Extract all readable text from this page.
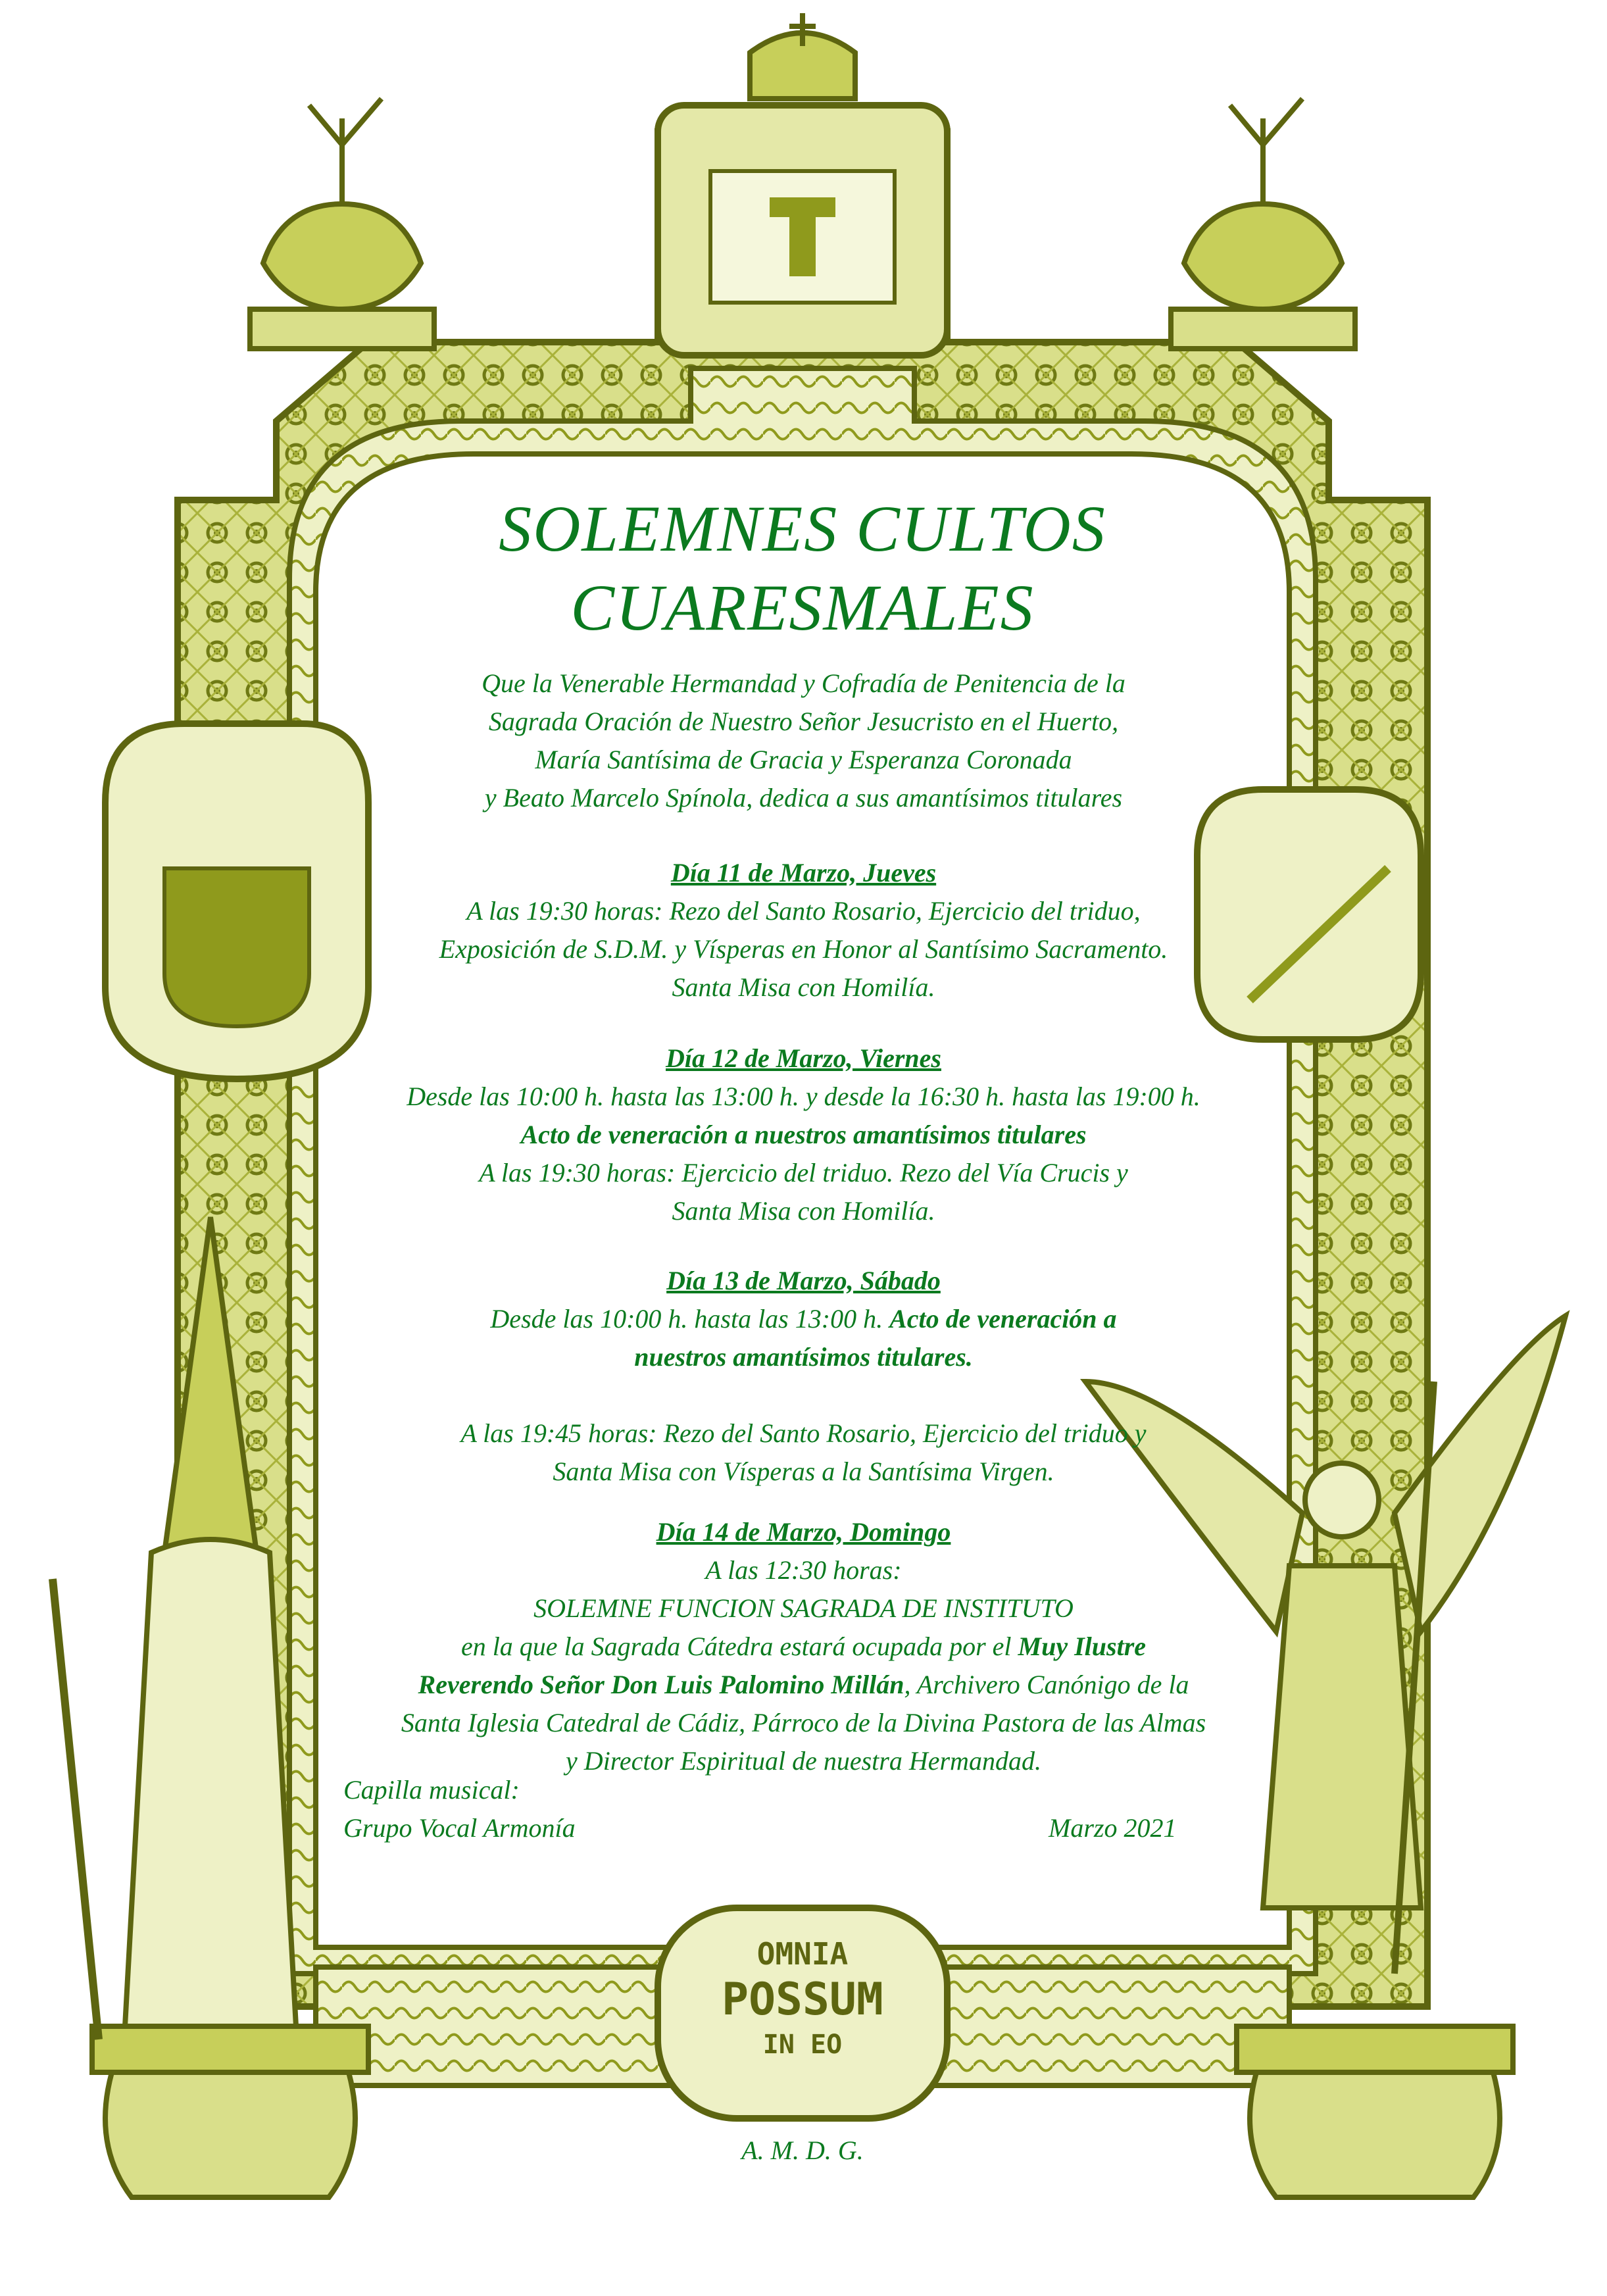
OMNIA
POSSUM
IN EO
SOLEMNES CULTOS
CUARESMALES
Que la Venerable Hermandad y Cofradía de Penitencia de la
Sagrada Oración de Nuestro Señor Jesucristo en el Huerto,
María Santísima de Gracia y Esperanza Coronada
y Beato Marcelo Spínola, dedica a sus amantísimos titulares
Día 11 de Marzo, Jueves
A las 19:30 horas: Rezo del Santo Rosario, Ejercicio del triduo,
Exposición de S.D.M. y Vísperas en Honor al Santísimo Sacramento.
Santa Misa con Homilía.
Día 12 de Marzo, Viernes
Desde las 10:00 h. hasta las 13:00 h. y desde la 16:30 h. hasta las 19:00 h.
Acto de veneración a nuestros amantísimos titulares
A las 19:30 horas: Ejercicio del triduo. Rezo del Vía Crucis y
Santa Misa con Homilía.
Día 13 de Marzo, Sábado
Desde las 10:00 h. hasta las 13:00 h. Acto de veneración a
nuestros amantísimos titulares.
A las 19:45 horas: Rezo del Santo Rosario, Ejercicio del triduo y
Santa Misa con Vísperas a la Santísima Virgen.
Día 14 de Marzo, Domingo
A las 12:30 horas:
SOLEMNE FUNCION SAGRADA DE INSTITUTO
en la que la Sagrada Cátedra estará ocupada por el Muy Ilustre
Reverendo Señor Don Luis Palomino Millán, Archivero Canónigo de la
Santa Iglesia Catedral de Cádiz, Párroco de la Divina Pastora de las Almas
y Director Espiritual de nuestra Hermandad.
Capilla musical:
Grupo Vocal Armonía	Marzo 2021
A. M. D. G.
